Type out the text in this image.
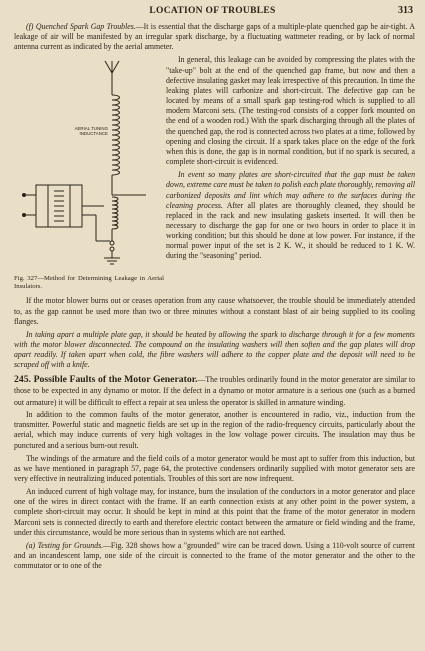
LOCATION OF TROUBLES	313

(f) Quenched Spark Gap Troubles.—It is essential that the discharge gaps of a multiple-plate quenched gap be air-tight. A leakage of air will be manifested by an irregular spark discharge, by a fluctuating wattmeter reading, or by lack of normal antenna current as indicated by the aerial ammeter.

AERIAL TUNING
INDUCTANCE
Fig. 327—Method for Determining Leakage in Aerial Insulators.

In general, this leakage can be avoided by compressing the plates with the "take-up" bolt at the end of the quenched gap frame, but now and then a defective insulating gasket may leak irrespective of this precaution. In time the leaking plates will carbonize and short-circuit. The defective gap can be located by means of a small spark gap testing-rod which is supplied to all modern Marconi sets. (The testing-rod consists of a copper fork mounted on the end of a wooden rod.) With the spark discharging through all the plates of the quenched gap, the rod is connected across two plates at a time, followed by opening and closing the circuit. If a spark takes place on the edge of the fork when this is done, the gap is in normal condition, but if no spark is secured, a complete short-circuit is evidenced.

In event so many plates are short-circuited that the gap must be taken down, extreme care must be taken to polish each plate thoroughly, removing all carbonized deposits and lint which may adhere to the surfaces during the cleaning process. After all plates are thoroughly cleaned, they should be replaced in the rack and new insulating gaskets inserted. It will then be necessary to discharge the gap for one or two hours in order to place it in working condition; but this should be done at low power. For instance, if the normal power input of the set is 2 K. W., it should be reduced to 1 K. W. during the "seasoning" period.

If the motor blower burns out or ceases operation from any cause whatsoever, the trouble should be immediately attended to, as the gap cannot be used more than two or three minutes without a constant blast of air being supplied to its cooling flanges.

In taking apart a multiple plate gap, it should be heated by allowing the spark to discharge through it for a few moments with the motor blower disconnected. The compound on the insulating washers will then soften and the gap plates will drop apart readily. If taken apart when cold, the fibre washers will adhere to the copper plate and the deposit will need to be scraped off with a knife.

245. Possible Faults of the Motor Generator.—The troubles ordinarily found in the motor generator are similar to those to be expected in any dynamo or motor. If the defect in a dynamo or motor armature is a serious one (such as a burned out armature) it will be difficult to effect a repair at sea unless the operator is skilled in armature winding.

In addition to the common faults of the motor generator, another is encountered in radio, viz., induction from the transmitter. Powerful static and magnetic fields are set up in the region of the radio-frequency circuits, particularly about the aerial, which may induce currents of very high voltages in the low voltage power circuits. The insulation may thus be punctured and a serious burn-out result.

The windings of the armature and the field coils of a motor generator would be most apt to suffer from this induction, but as we have mentioned in paragraph 57, page 64, the protective condensers ordinarily supplied with motor generator sets are very effective in neutralizing induced potentials. Troubles of this sort are now infrequent.

An induced current of high voltage may, for instance, burn the insulation of the conductors in a motor generator and place one of the wires in direct contact with the frame. If an earth connection exists at any other point in the power system, a complete short-circuit may occur. It should be kept in mind at this point that the frame of the motor generator in modern Marconi sets is connected directly to earth and therefore electric contact between the armature or field winding and the frame, under this circumstance, would be more serious than in systems which are not earthed.

(a) Testing for Grounds.—Fig. 328 shows how a "grounded" wire can be traced down. Using a 110-volt source of current and an incandescent lamp, one side of the circuit is connected to the frame of the motor generator and the other to the commutator or to one of the
